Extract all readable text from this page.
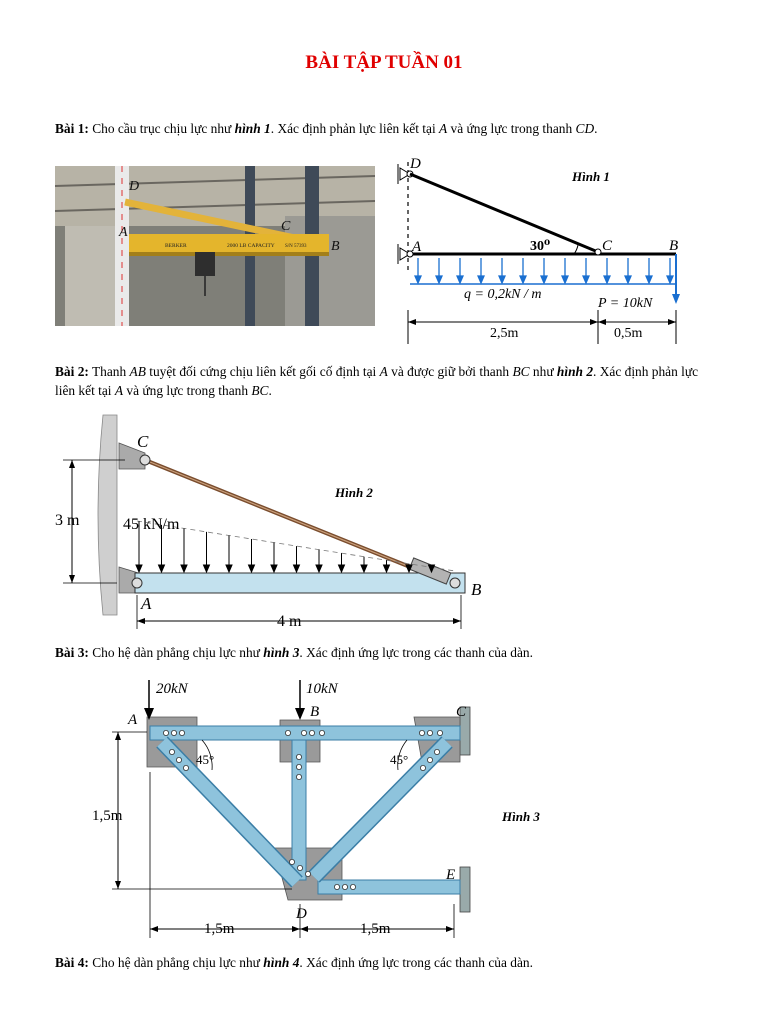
BÀI TẬP TUẦN 01
Bài 1: Cho cầu trục chịu lực như hình 1. Xác định phản lực liên kết tại A và ứng lực trong thanh CD.
BERKER	2000 LB CAPACITY S/N 57393
D
A	C
B
D
A	C	B
30⁰
Hình 1
q = 0,2kN / m
P = 10kN
2,5m	0,5m
Bài 2: Thanh AB tuyệt đối cứng chịu liên kết gối cố định tại A và được giữ bởi thanh BC như hình 2. Xác định phản lực liên kết tại A và ứng lực trong thanh BC.
C
A
B
3 m	45 kN/m
4 m
Hình 2
Bài 3: Cho hệ dàn phẳng chịu lực như hình 3. Xác định ứng lực trong các thanh của dàn.
20kN	10kN
A	B	C
D
E
45°	45°
1,5m
1,5m	1,5m
Hình 3
Bài 4: Cho hệ dàn phẳng chịu lực như hình 4. Xác định ứng lực trong các thanh của dàn.
